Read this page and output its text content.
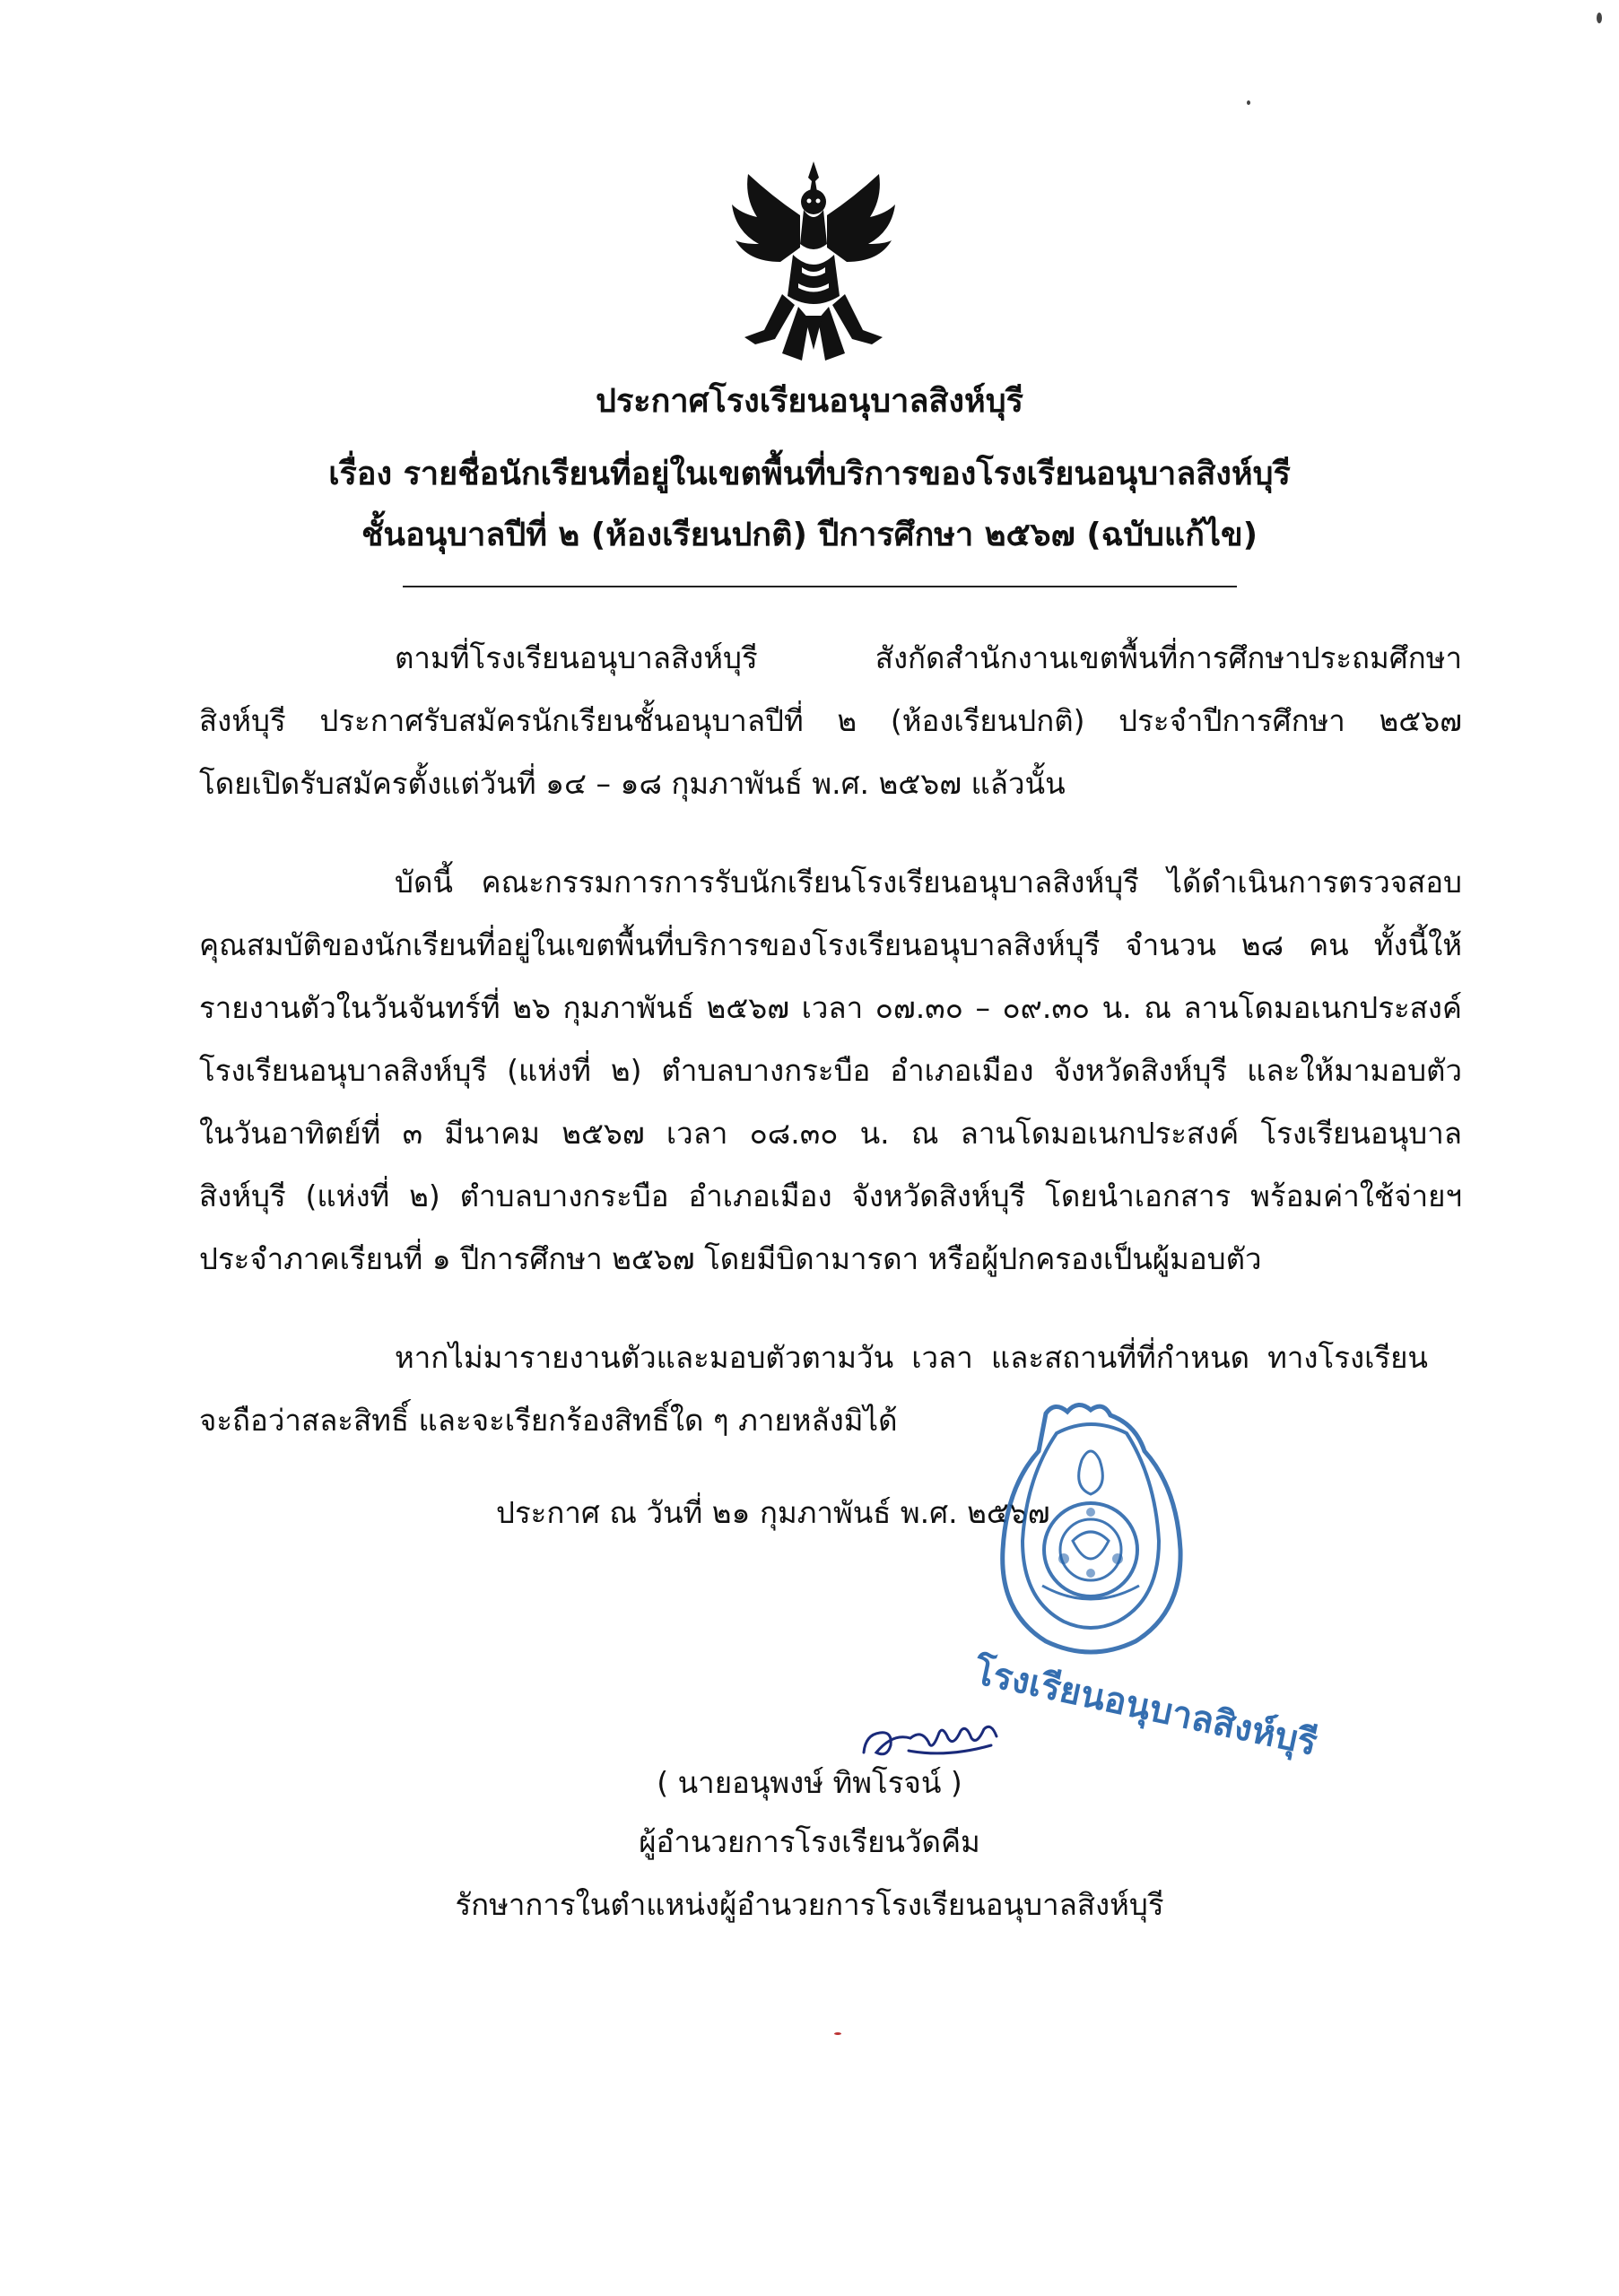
ประกาศโรงเรียนอนุบาลสิงห์บุรี
เรื่อง รายชื่อนักเรียนที่อยู่ในเขตพื้นที่บริการของโรงเรียนอนุบาลสิงห์บุรี
ชั้นอนุบาลปีที่ ๒ (ห้องเรียนปกติ) ปีการศึกษา ๒๕๖๗ (ฉบับแก้ไข)
ตามที่โรงเรียนอนุบาลสิงห์บุรี สังกัดสำนักงานเขตพื้นที่การศึกษาประถมศึกษา
สิงห์บุรี ประกาศรับสมัครนักเรียนชั้นอนุบาลปีที่ ๒ (ห้องเรียนปกติ) ประจำปีการศึกษา ๒๕๖๗
โดยเปิดรับสมัครตั้งแต่วันที่ ๑๔ – ๑๘ กุมภาพันธ์ พ.ศ. ๒๕๖๗ แล้วนั้น
บัดนี้ คณะกรรมการการรับนักเรียนโรงเรียนอนุบาลสิงห์บุรี ได้ดำเนินการตรวจสอบ
คุณสมบัติของนักเรียนที่อยู่ในเขตพื้นที่บริการของโรงเรียนอนุบาลสิงห์บุรี จำนวน ๒๘ คน ทั้งนี้ให้
รายงานตัวในวันจันทร์ที่ ๒๖ กุมภาพันธ์ ๒๕๖๗ เวลา ๐๗.๓๐ – ๐๙.๓๐ น. ณ ลานโดมอเนกประสงค์
โรงเรียนอนุบาลสิงห์บุรี (แห่งที่ ๒) ตำบลบางกระบือ อำเภอเมือง จังหวัดสิงห์บุรี และให้มามอบตัว
ในวันอาทิตย์ที่ ๓ มีนาคม ๒๕๖๗ เวลา ๐๘.๓๐ น. ณ ลานโดมอเนกประสงค์ โรงเรียนอนุบาล
สิงห์บุรี (แห่งที่ ๒) ตำบลบางกระบือ อำเภอเมือง จังหวัดสิงห์บุรี โดยนำเอกสาร พร้อมค่าใช้จ่ายฯ
ประจำภาคเรียนที่ ๑ ปีการศึกษา ๒๕๖๗ โดยมีบิดามารดา หรือผู้ปกครองเป็นผู้มอบตัว
หากไม่มารายงานตัวและมอบตัวตามวัน เวลา และสถานที่ที่กำหนด ทางโรงเรียน
จะถือว่าสละสิทธิ์ และจะเรียกร้องสิทธิ์ใด ๆ ภายหลังมิได้
ประกาศ ณ วันที่ ๒๑ กุมภาพันธ์ พ.ศ. ๒๕๖๗
โรงเรียนอนุบาลสิงห์บุรี
( นายอนุพงษ์ ทิพโรจน์ )
ผู้อำนวยการโรงเรียนวัดคีม
รักษาการในตำแหน่งผู้อำนวยการโรงเรียนอนุบาลสิงห์บุรี
